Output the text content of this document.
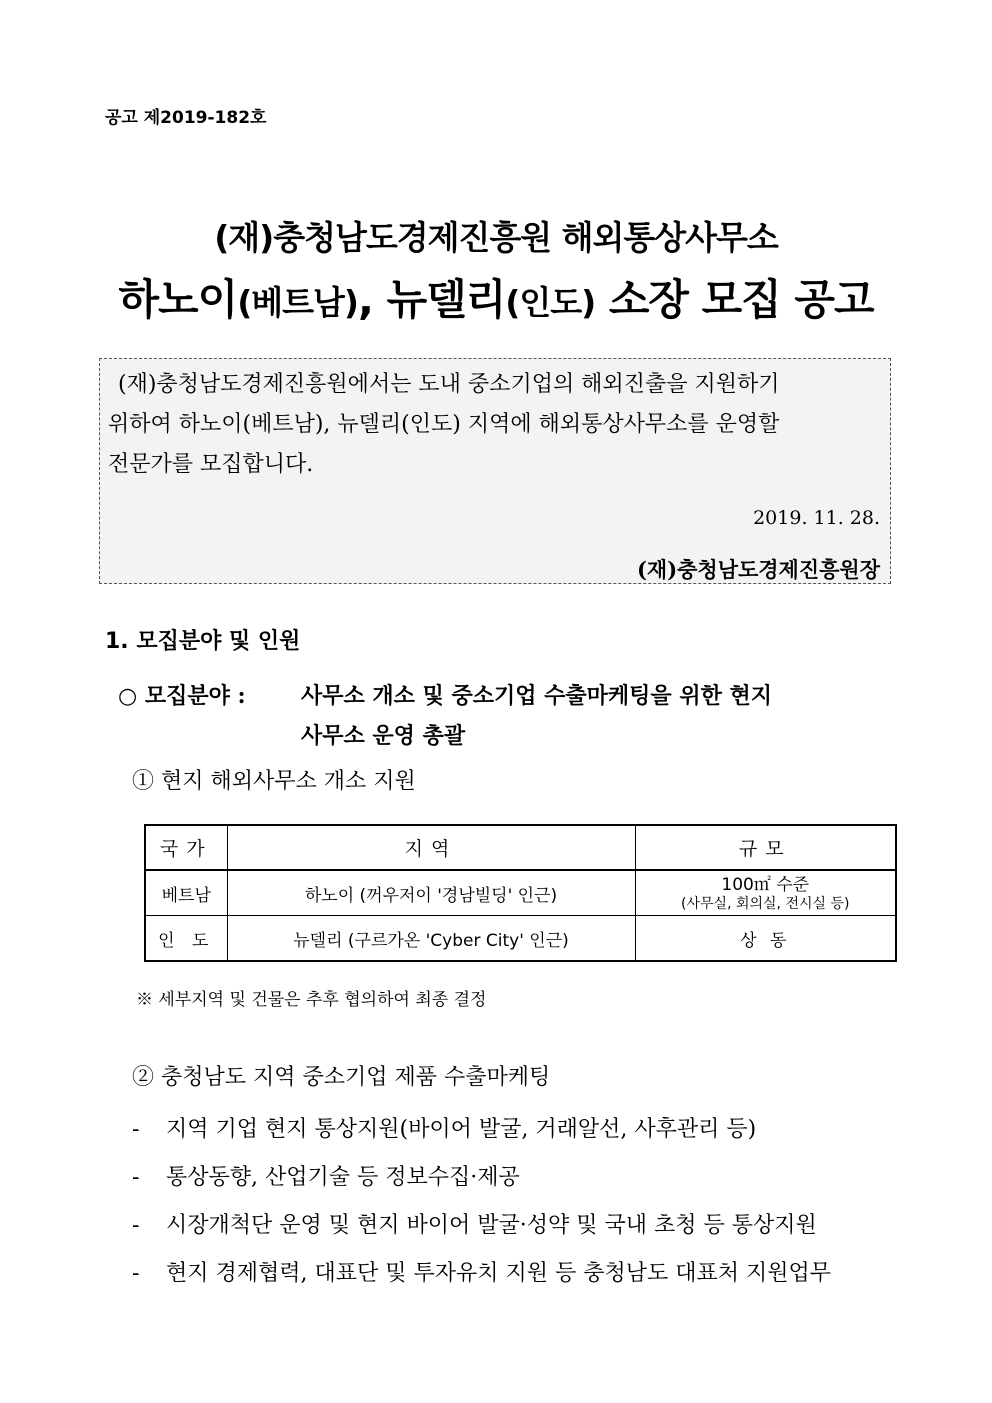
공고 제2019-182호
(재)충청남도경제진흥원 해외통상사무소
하노이(베트남), 뉴델리(인도) 소장 모집 공고
(재)충청남도경제진흥원에서는 도내 중소기업의 해외진출을 지원하기
위하여 하노이(베트남), 뉴델리(인도) 지역에 해외통상사무소를 운영할
전문가를 모집합니다.
2019. 11. 28.
(재)충청남도경제진흥원장
1. 모집분야 및 인원
○ 모집분야 :	사무소 개소 및 중소기업 수출마케팅을 위한 현지
사무소 운영 총괄
① 현지 해외사무소 개소 지원
국가	지역	규모
베트남	하노이 (꺼우저이 '경남빌딩' 인근)	100㎡ 수준
(사무실, 회의실, 전시실 등)

인 도	뉴델리 (구르가온 'Cyber City' 인근)	상 동
※ 세부지역 및 건물은 추후 협의하여 최종 결정
② 충청남도 지역 중소기업 제품 수출마케팅
- 지역 기업 현지 통상지원(바이어 발굴, 거래알선, 사후관리 등)
- 통상동향, 산업기술 등 정보수집·제공
- 시장개척단 운영 및 현지 바이어 발굴·성약 및 국내 초청 등 통상지원
- 현지 경제협력, 대표단 및 투자유치 지원 등 충청남도 대표처 지원업무
